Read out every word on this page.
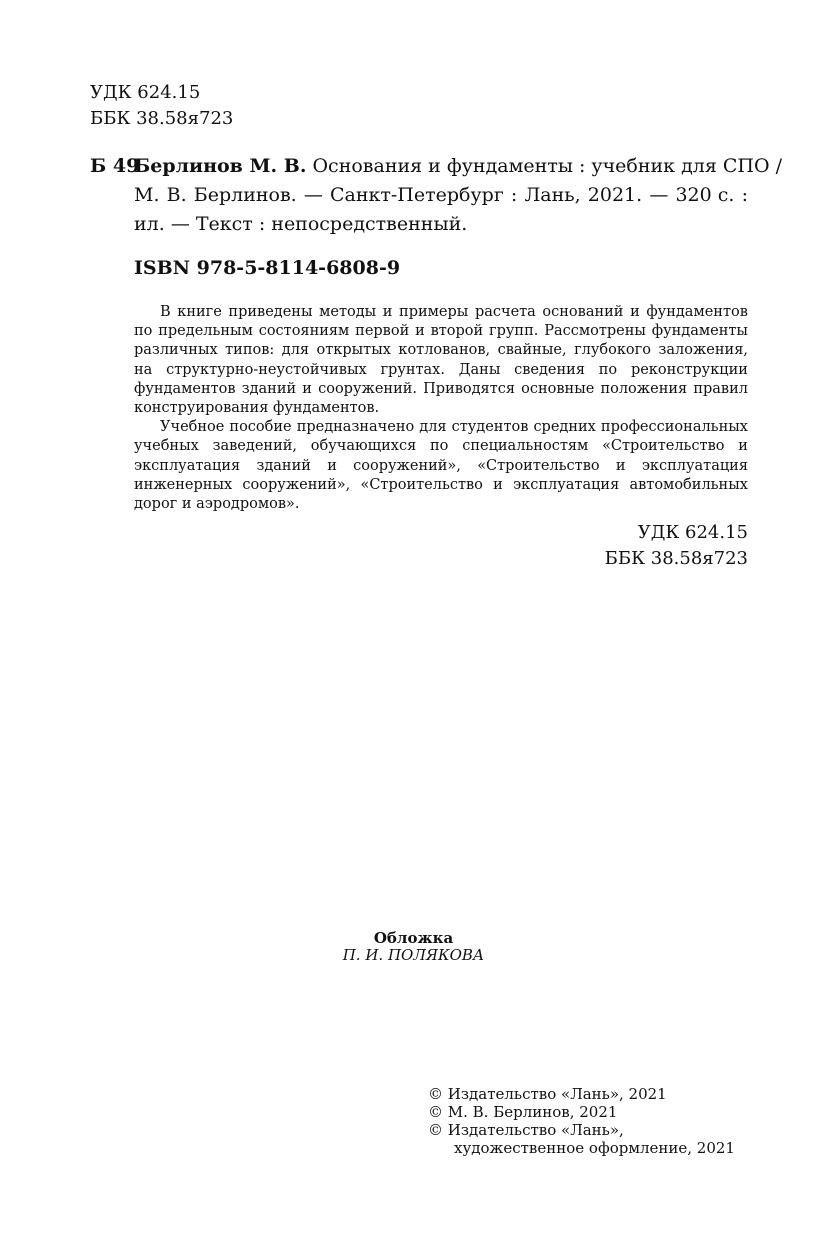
УДК 624.15
ББК 38.58я723
Б 49
Берлинов М. В. Основания и фундаменты : учебник для СПО /
М. В. Берлинов. — Санкт-Петербург : Лань, 2021. — 320 с. :
ил. — Текст : непосредственный.
ISBN 978-5-8114-6808-9
В книге приведены методы и примеры расчета оснований и фундаментов
по предельным состояниям первой и второй групп. Рассмотрены фундаменты
различных типов: для открытых котлованов, свайные, глубокого заложения,
на структурно-неустойчивых грунтах. Даны сведения по реконструкции
фундаментов зданий и сооружений. Приводятся основные положения правил
конструирования фундаментов.
Учебное пособие предназначено для студентов средних профессиональных
учебных заведений, обучающихся по специальностям «Строительство и
эксплуатация зданий и сооружений», «Строительство и эксплуатация
инженерных сооружений», «Строительство и эксплуатация автомобильных
дорог и аэродромов».
УДК 624.15
ББК 38.58я723
Обложка
П. И. ПОЛЯКОВА
© Издательство «Лань», 2021
© М. В. Берлинов, 2021
© Издательство «Лань»,
художественное оформление, 2021
